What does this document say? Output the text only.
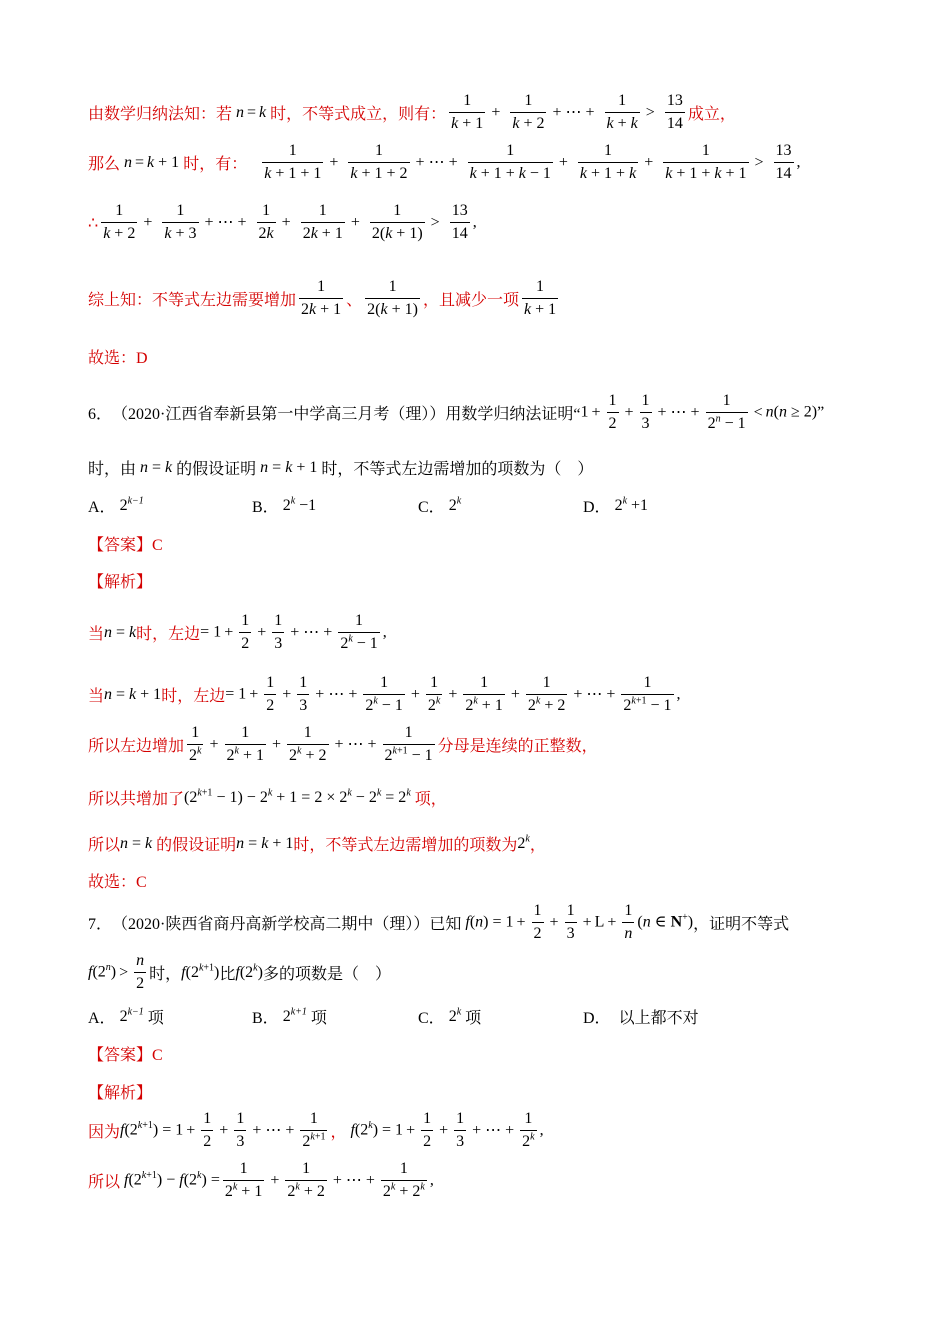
由数学归纳法知：若 n = k 时，不等式成立，则有： $\frac{1}{k + 1} + \frac{1}{k + 2}$ + ⋯ + $\frac{1}{k + k} > \frac{13}{14}$ 成立，
那么 n = k + 1 时，有：
$\frac{1}{k + 1 + 1} + \frac{1}{k + 1 + 2}$ + ⋯ + $\frac{1}{k + 1 + k - 1} + \frac{1}{k + 1 + k} + \frac{1}{k + 1 + k + 1} > \frac{13}{14}$ ,
∴ $\frac{1}{k + 2} + \frac{1}{k + 3}$ + ⋯ + $\frac{1}{2k} + \frac{1}{2k + 1} + \frac{1}{2(k + 1)} > \frac{13}{14}$ ,
综上知：不等式左边需要增加 $\frac{1}{2k + 1}$ 、 $\frac{1}{2(k + 1)}$ ，且减少一项 $\frac{1}{k + 1}$
故选：D
6． （2020·江西省奉新县第一中学高三月考（理）） 用数学归纳法证明“ $1 + \frac{1}{2} + \frac{1}{3}$ + ⋯ + $\frac{1}{2^n - 1} < n(n \ge 2)$ ”
时，由 n = k 的假设证明 n = k + 1 时，不等式左边需增加的项数为（　）
A．
$2^{k-1}$	B．
$2^k -1$	C．
2$^k$	D．
$2^k +1$
【答案】C
【解析】
当 n = k 时，左边 = $1 + \frac{1}{2} + \frac{1}{3}$ + ⋯ + $\frac{1}{2^k - 1}$ ,
当 n = k + 1 时，左边 = $1 + \frac{1}{2} + \frac{1}{3}$ + ⋯ + $\frac{1}{2^k - 1} + \frac{1}{2^k} + \frac{1}{2^k + 1} + \frac{1}{2^k + 2}$ + ⋯ + $\frac{1}{2^{k+1} - 1}$ ,
所以左边增加 $\frac{1}{2^k} + \frac{1}{2^k + 1} + \frac{1}{2^k + 2}$ + ⋯ + $\frac{1}{2^{k+1} - 1}$ 分母是连续的正整数，
所以共增加了 $(2^{k+1} - 1) - 2^k + 1 = 2 \times 2^k - 2^k = 2^k$ 项，
所以 n = k 的假设证明 n = k + 1 时，不等式左边需增加的项数为 2$^k$ ，
故选：C
7． （2020·陕西省商丹高新学校高二期中（理）） 已知 $f(n) = 1 + \frac{1}{2} + \frac{1}{3} + L + \frac{1}{n} (n$ ∈ N+) ，证明不等式
$f(2^n) > \frac{n}{2}$ 时， $f(2^{k+1})$ 比 f(2$^k$) 多的项数是（　）
A．
$2^{k-1}$
项	B．
$2^{k+1}$
项	C．
2$^k$
项	D．
以上都不对
【答案】C
【解析】
因为 $f(2^{k+1}) = 1 + \frac{1}{2} + \frac{1}{3}$ + ⋯ + $\frac{1}{2^{k+1}}$ ， $f(2^k) = 1 + \frac{1}{2} + \frac{1}{3}$ + ⋯ + $\frac{1}{2^k}$ ,
所以 $f(2^{k+1}) - f(2^k) = \frac{1}{2^k + 1} + \frac{1}{2^k + 2}$ + ⋯ + $\frac{1}{2^k + 2^k}$ ,
